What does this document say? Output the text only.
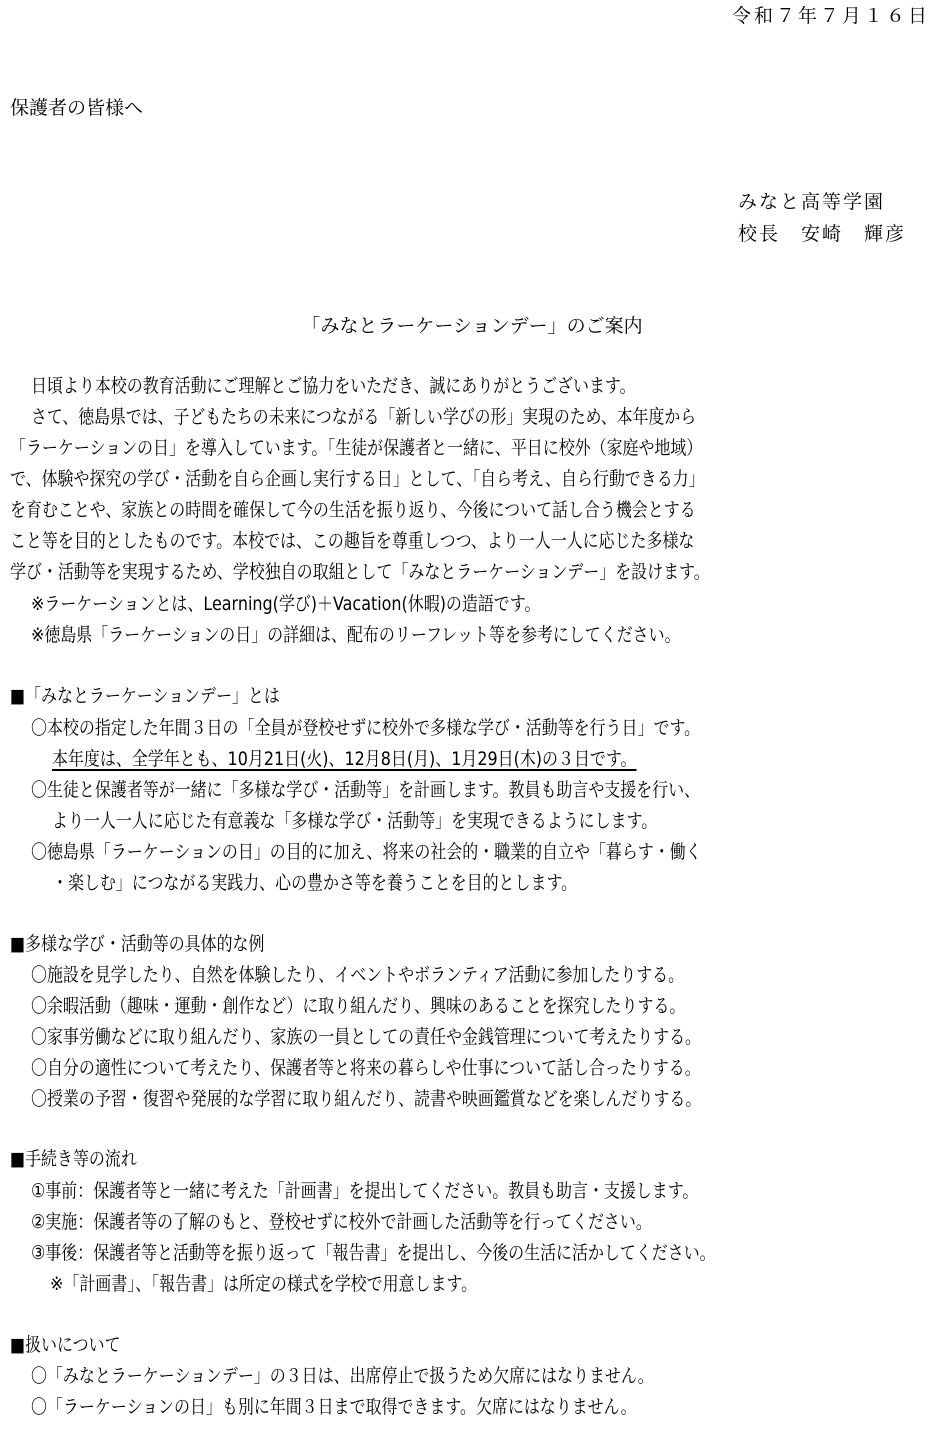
令和７年７月１６日
保護者の皆様へ
みなと高等学園
校長　安崎　輝彦
「みなとラーケーションデー」のご案内
日頃より本校の教育活動にご理解とご協力をいただき、誠にありがとうございます。
さて、徳島県では、子どもたちの未来につながる「新しい学びの形」実現のため、本年度から
「ラーケーションの日」を導入しています。「生徒が保護者と一緒に、平日に校外（家庭や地域）
で、体験や探究の学び・活動を自ら企画し実行する日」として、「自ら考え、自ら行動できる力」
を育むことや、家族との時間を確保して今の生活を振り返り、今後について話し合う機会とする
こと等を目的としたものです。本校では、この趣旨を尊重しつつ、より一人一人に応じた多様な
学び・活動等を実現するため、学校独自の取組として「みなとラーケーションデー」を設けます。
※ラーケーションとは、Learning(学び)＋Vacation(休暇)の造語です。
※徳島県「ラーケーションの日」の詳細は、配布のリーフレット等を参考にしてください。
■「みなとラーケーションデー」とは
〇本校の指定した年間３日の「全員が登校せずに校外で多様な学び・活動等を行う日」です。
本年度は、全学年とも、10月21日(火)、12月8日(月)、1月29日(木)の３日です。
〇生徒と保護者等が一緒に「多様な学び・活動等」を計画します。教員も助言や支援を行い、
より一人一人に応じた有意義な「多様な学び・活動等」を実現できるようにします。
〇徳島県「ラーケーションの日」の目的に加え、将来の社会的・職業的自立や「暮らす・働く
・楽しむ」につながる実践力、心の豊かさ等を養うことを目的とします。
■多様な学び・活動等の具体的な例
〇施設を見学したり、自然を体験したり、イベントやボランティア活動に参加したりする。
〇余暇活動（趣味・運動・創作など）に取り組んだり、興味のあることを探究したりする。
〇家事労働などに取り組んだり、家族の一員としての責任や金銭管理について考えたりする。
〇自分の適性について考えたり、保護者等と将来の暮らしや仕事について話し合ったりする。
〇授業の予習・復習や発展的な学習に取り組んだり、読書や映画鑑賞などを楽しんだりする。
■手続き等の流れ
①事前：保護者等と一緒に考えた「計画書」を提出してください。教員も助言・支援します。
②実施：保護者等の了解のもと、登校せずに校外で計画した活動等を行ってください。
③事後：保護者等と活動等を振り返って「報告書」を提出し、今後の生活に活かしてください。
※「計画書」、「報告書」は所定の様式を学校で用意します。
■扱いについて
〇「みなとラーケーションデー」の３日は、出席停止で扱うため欠席にはなりません。
〇「ラーケーションの日」も別に年間３日まで取得できます。欠席にはなりません。
